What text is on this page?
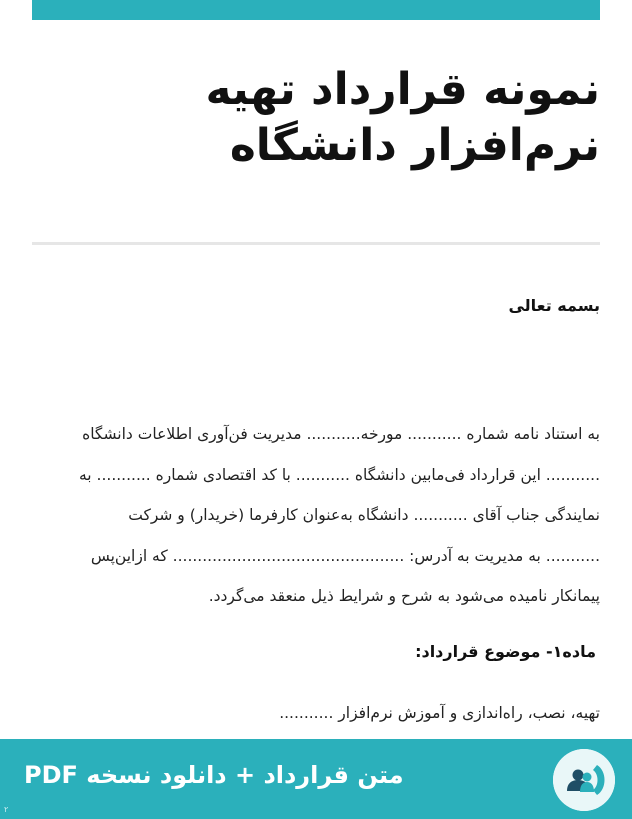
نمونه قرارداد تهیه
نرم‌افزار دانشگاه
بسمه تعالی
به استناد نامه شماره ........... مورخه........... مدیریت فن‌آوری اطلاعات دانشگاه
........... این قرارداد فی‌مابین دانشگاه ........... با کد اقتصادی شماره ........... به
نمایندگی جناب آقای ........... دانشگاه به‌عنوان کارفرما (خریدار) و شرکت
........... به مدیریت به آدرس: ............................................... که ازاین‌پس
پیمانکار نامیده می‌شود به شرح و شرایط ذیل منعقد می‌گردد.
ماده۱- موضوع قرارداد:
تهیه، نصب، راه‌اندازی و آموزش نرم‌افزار ...........
متن قرارداد + دانلود نسخه PDF
۲
